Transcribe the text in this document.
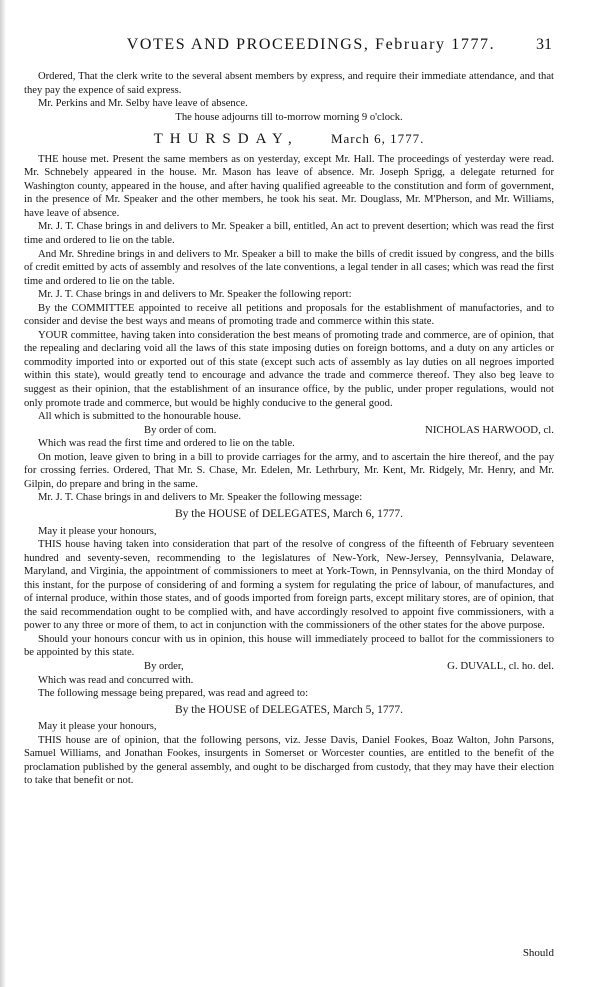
VOTES AND PROCEEDINGS, February 1777.	31

Ordered, That the clerk write to the several absent members by express, and require their immediate attendance, and that they pay the expence of said express.

Mr. Perkins and Mr. Selby have leave of absence.

The house adjourns till to-morrow morning 9 o'clock.

THURSDAY, March 6, 1777.

THE house met. Present the same members as on yesterday, except Mr. Hall. The proceedings of yesterday were read. Mr. Schnebely appeared in the house. Mr. Mason has leave of absence. Mr. Joseph Sprigg, a delegate returned for Washington county, appeared in the house, and after having qualified agreeable to the constitution and form of government, in the presence of Mr. Speaker and the other members, he took his seat. Mr. Douglass, Mr. M'Pherson, and Mr. Williams, have leave of absence.

Mr. J. T. Chase brings in and delivers to Mr. Speaker a bill, entitled, An act to prevent desertion; which was read the first time and ordered to lie on the table.

And Mr. Shredine brings in and delivers to Mr. Speaker a bill to make the bills of credit issued by congress, and the bills of credit emitted by acts of assembly and resolves of the late conventions, a legal tender in all cases; which was read the first time and ordered to lie on the table.

Mr. J. T. Chase brings in and delivers to Mr. Speaker the following report:

By the COMMITTEE appointed to receive all petitions and proposals for the establishment of manufactories, and to consider and devise the best ways and means of promoting trade and commerce within this state.

YOUR committee, having taken into consideration the best means of promoting trade and commerce, are of opinion, that the repealing and declaring void all the laws of this state imposing duties on foreign bottoms, and a duty on any articles or commodity imported into or exported out of this state (except such acts of assembly as lay duties on all negroes imported within this state), would greatly tend to encourage and advance the trade and commerce thereof. They also beg leave to suggest as their opinion, that the establishment of an insurance office, by the public, under proper regulations, would not only promote trade and commerce, but would be highly conducive to the general good.

All which is submitted to the honourable house.

By order of com.	NICHOLAS HARWOOD, cl.

Which was read the first time and ordered to lie on the table.

On motion, leave given to bring in a bill to provide carriages for the army, and to ascertain the hire thereof, and the pay for crossing ferries. Ordered, That Mr. S. Chase, Mr. Edelen, Mr. Lethrbury, Mr. Kent, Mr. Ridgely, Mr. Henry, and Mr. Gilpin, do prepare and bring in the same.

Mr. J. T. Chase brings in and delivers to Mr. Speaker the following message:

By the HOUSE of DELEGATES, March 6, 1777.

May it please your honours,

THIS house having taken into consideration that part of the resolve of congress of the fifteenth of February seventeen hundred and seventy-seven, recommending to the legislatures of New-York, New-Jersey, Pennsylvania, Delaware, Maryland, and Virginia, the appointment of commissioners to meet at York-Town, in Pennsylvania, on the third Monday of this instant, for the purpose of considering of and forming a system for regulating the price of labour, of manufactures, and of internal produce, within those states, and of goods imported from foreign parts, except military stores, are of opinion, that the said recommendation ought to be complied with, and have accordingly resolved to appoint five commissioners, with a power to any three or more of them, to act in conjunction with the commissioners of the other states for the above purpose.

Should your honours concur with us in opinion, this house will immediately proceed to ballot for the commissioners to be appointed by this state.

By order,	G. DUVALL, cl. ho. del.

Which was read and concurred with.

The following message being prepared, was read and agreed to:

By the HOUSE of DELEGATES, March 5, 1777.

May it please your honours,

THIS house are of opinion, that the following persons, viz. Jesse Davis, Daniel Fookes, Boaz Walton, John Parsons, Samuel Williams, and Jonathan Fookes, insurgents in Somerset or Worcester counties, are entitled to the benefit of the proclamation published by the general assembly, and ought to be discharged from custody, that they may have their election to take that benefit or not.

Should
